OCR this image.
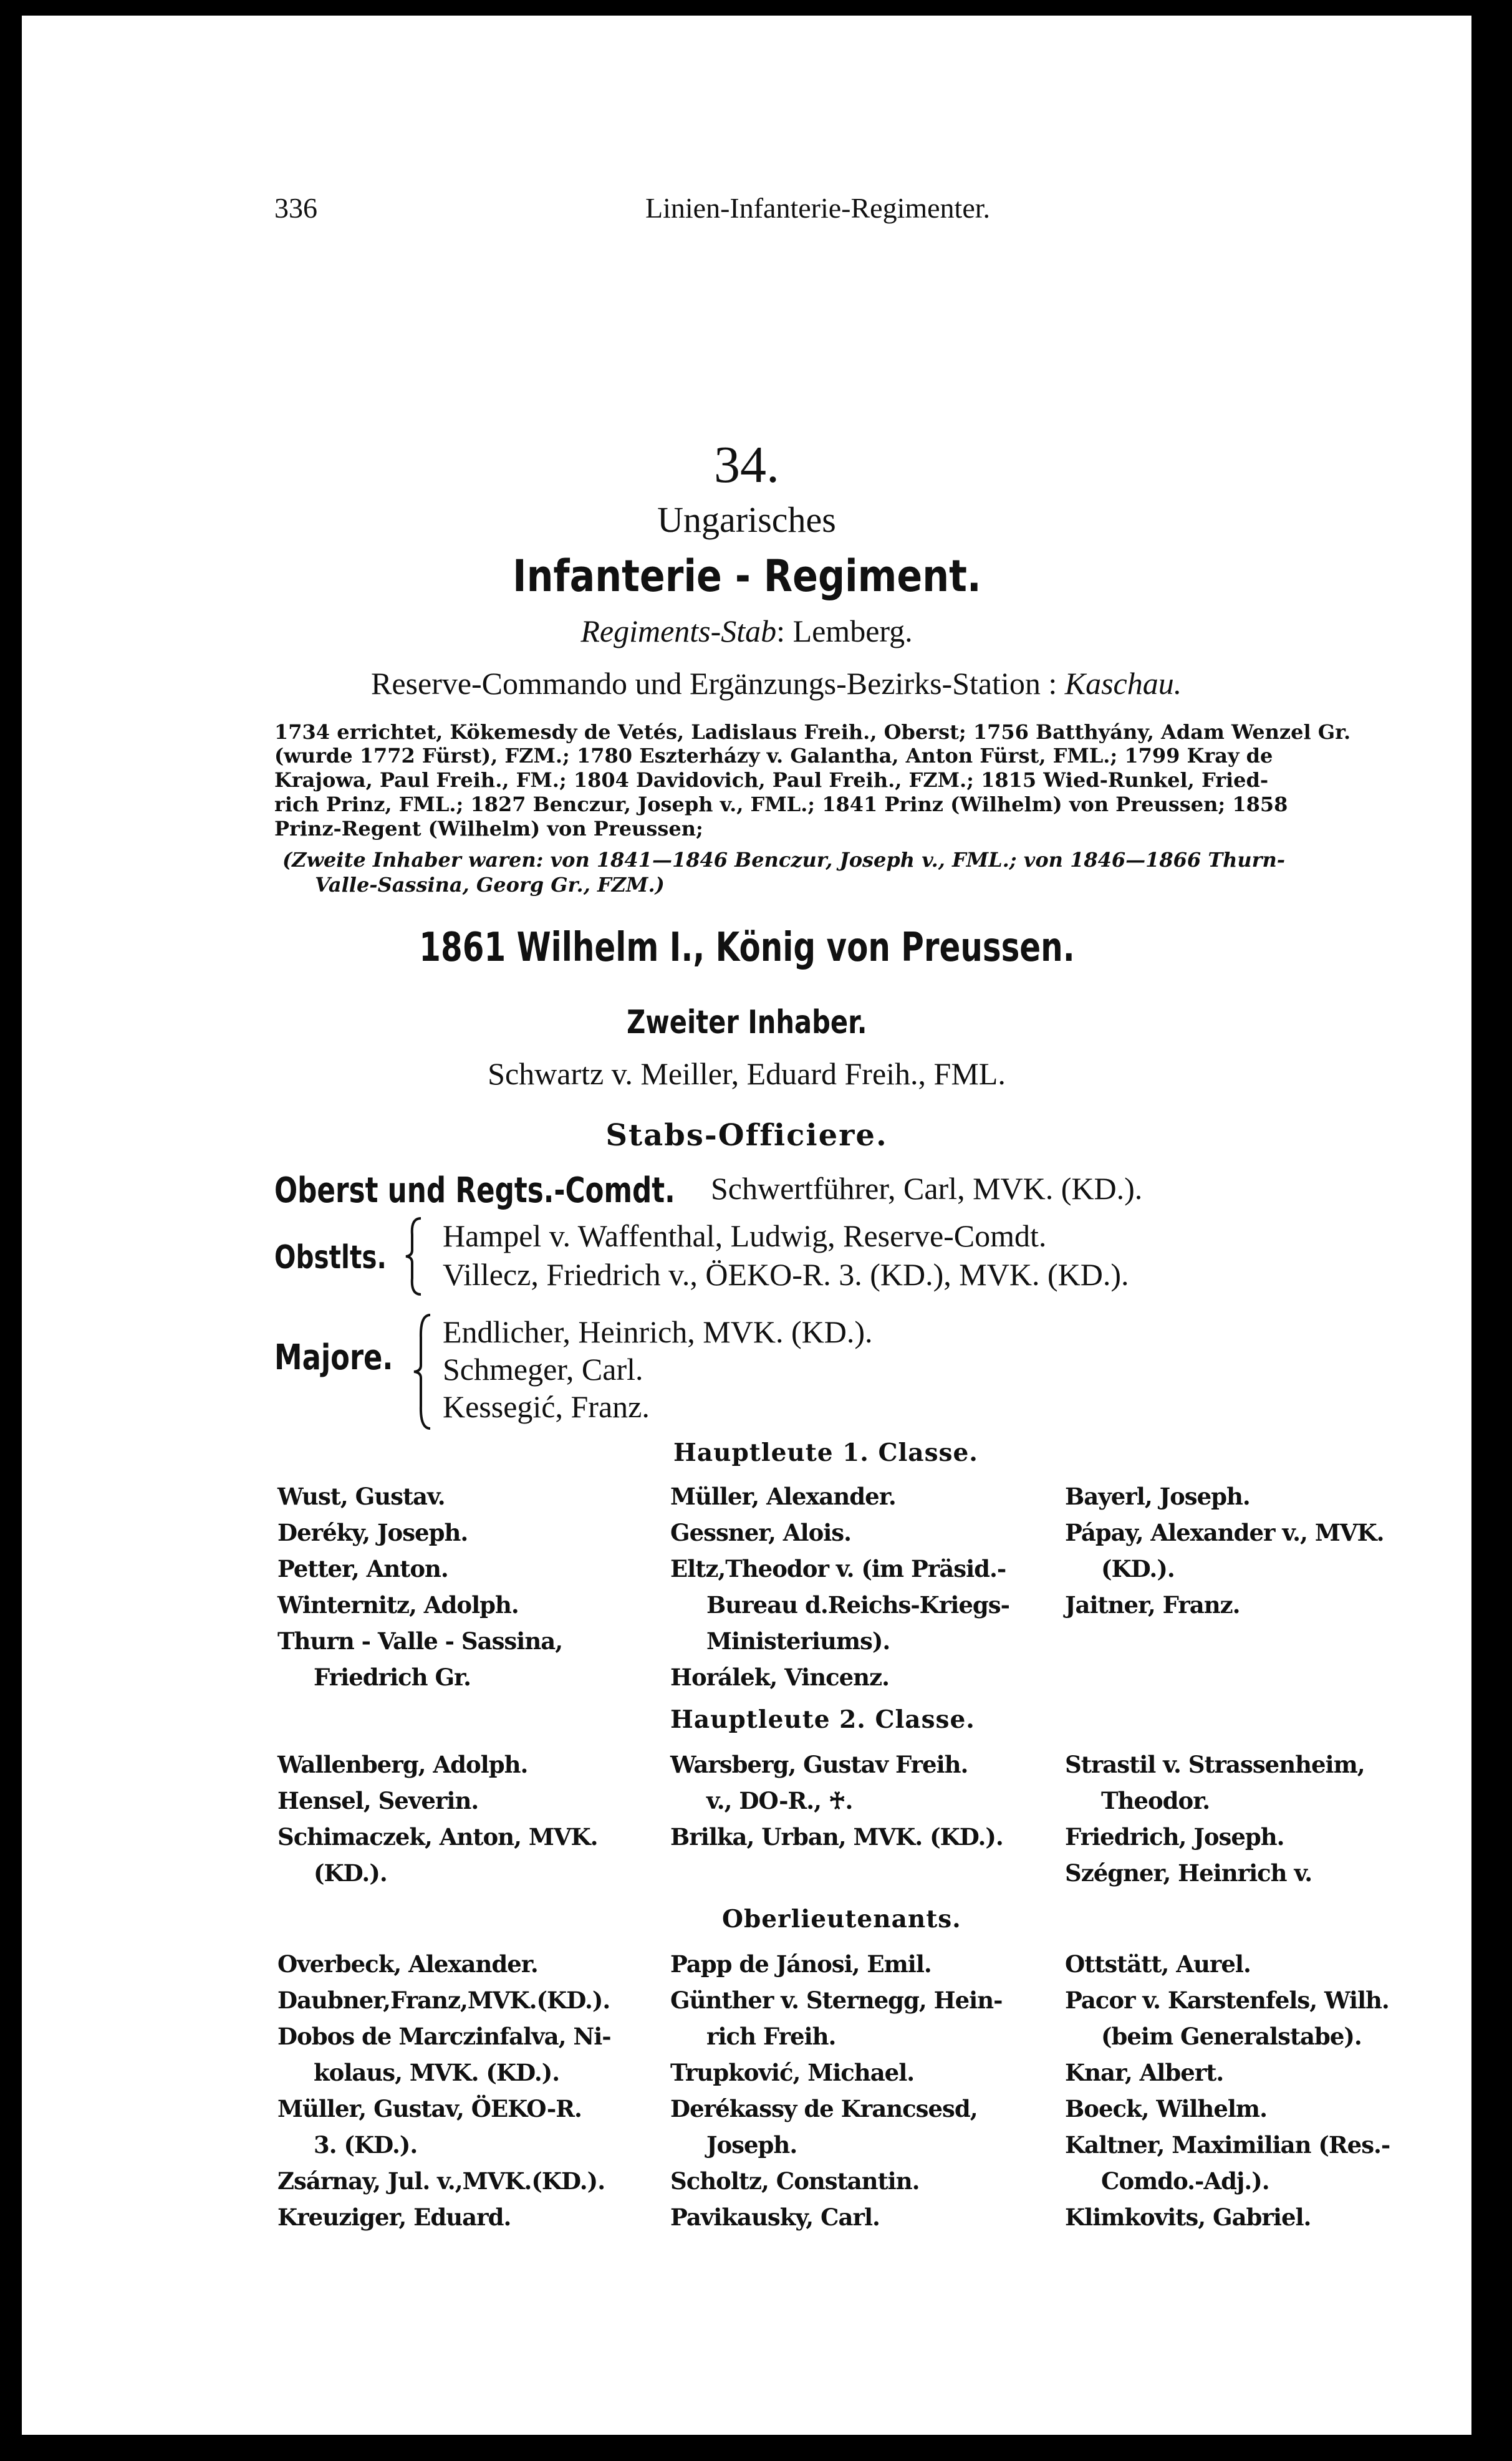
336	Linien-Infanterie-Regimenter.
34.
Ungarisches
Infanterie - Regiment.
Regiments-Stab: Lemberg.
Reserve-Commando und Ergänzungs-Bezirks-Station : Kaschau.
1734 errichtet, Kökemesdy de Vetés, Ladislaus Freih., Oberst; 1756 Batthyány, Adam Wenzel Gr.
(wurde 1772 Fürst), FZM.; 1780 Eszterházy v. Galantha, Anton Fürst, FML.; 1799 Kray de
Krajowa, Paul Freih., FM.; 1804 Davidovich, Paul Freih., FZM.; 1815 Wied-Runkel, Fried-
rich Prinz, FML.; 1827 Benczur, Joseph v., FML.; 1841 Prinz (Wilhelm) von Preussen; 1858
Prinz-Regent (Wilhelm) von Preussen;
(Zweite Inhaber waren: von 1841—1846 Benczur, Joseph v., FML.; von 1846—1866 Thurn-
Valle-Sassina, Georg Gr., FZM.)
1861 Wilhelm I., König von Preussen.
Zweiter Inhaber.
Schwartz v. Meiller, Eduard Freih., FML.
Stabs-Officiere.
Oberst und Regts.-Comdt.	Schwertführer, Carl, MVK. (KD.).
Obstlts.
Hampel v. Waffenthal, Ludwig, Reserve-Comdt.
Villecz, Friedrich v., ÖEKO-R. 3. (KD.), MVK. (KD.).
Majore.
Endlicher, Heinrich, MVK. (KD.).
Schmeger, Carl.
Kessegić, Franz.
Hauptleute 1. Classe.
Wust, Gustav.
Deréky, Joseph.
Petter, Anton.
Winternitz, Adolph.
Thurn - Valle - Sassina,
Friedrich Gr.
Müller, Alexander.
Gessner, Alois.
Eltz,Theodor v. (im Präsid.-
Bureau d.Reichs-Kriegs-
Ministeriums).
Horálek, Vincenz.
Bayerl, Joseph.
Pápay, Alexander v., MVK.
(KD.).
Jaitner, Franz.
Hauptleute 2. Classe.
Wallenberg, Adolph.
Hensel, Severin.
Schimaczek, Anton, MVK.
(KD.).
Warsberg, Gustav Freih.
v., DO-R., ♰.
Brilka, Urban, MVK. (KD.).
Strastil v. Strassenheim,
Theodor.
Friedrich, Joseph.
Szégner, Heinrich v.
Oberlieutenants.
Overbeck, Alexander.
Daubner,Franz,MVK.(KD.).
Dobos de Marczinfalva, Ni-
kolaus, MVK. (KD.).
Müller, Gustav, ÖEKO-R.
3. (KD.).
Zsárnay, Jul. v.,MVK.(KD.).
Kreuziger, Eduard.
Papp de Jánosi, Emil.
Günther v. Sternegg, Hein-
rich Freih.
Trupković, Michael.
Derékassy de Krancsesd,
Joseph.
Scholtz, Constantin.
Pavikausky, Carl.
Ottstätt, Aurel.
Pacor v. Karstenfels, Wilh.
(beim Generalstabe).
Knar, Albert.
Boeck, Wilhelm.
Kaltner, Maximilian (Res.-
Comdo.-Adj.).
Klimkovits, Gabriel.
